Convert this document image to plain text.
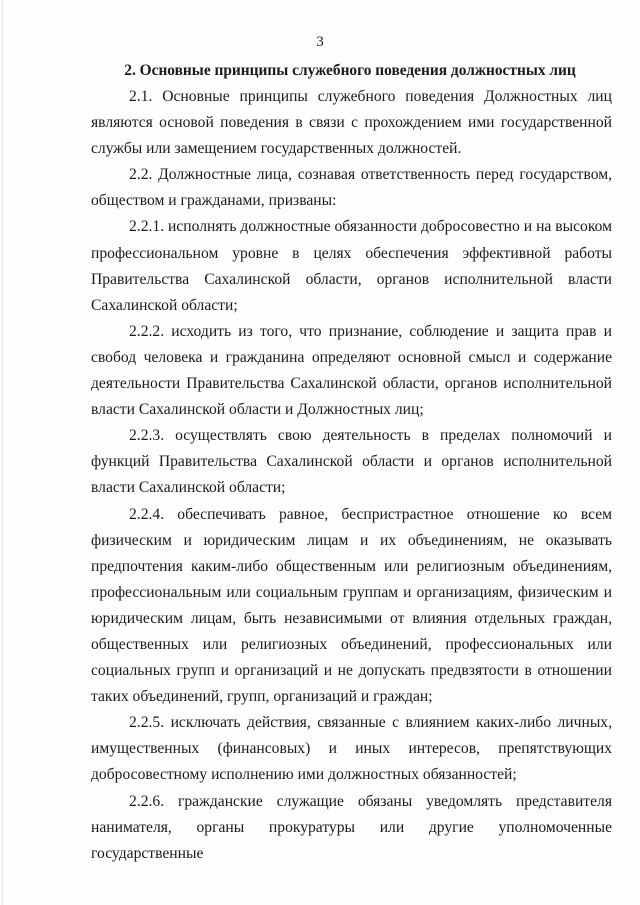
3
2. Основные принципы служебного поведения должностных лиц

2.1. Основные принципы служебного поведения Должностных лиц являются основой поведения в связи с прохождением ими государственной службы или замещением государственных должностей.

2.2. Должностные лица, сознавая ответственность перед государством, обществом и гражданами, призваны:

2.2.1. исполнять должностные обязанности добросовестно и на высоком профессиональном уровне в целях обеспечения эффективной работы Правительства Сахалинской области, органов исполнительной власти Сахалинской области;

2.2.2. исходить из того, что признание, соблюдение и защита прав и свобод человека и гражданина определяют основной смысл и содержание деятельности Правительства Сахалинской области, органов исполнительной власти Сахалинской области и Должностных лиц;

2.2.3. осуществлять свою деятельность в пределах полномочий и функций Правительства Сахалинской области и органов исполнительной власти Сахалинской области;

2.2.4. обеспечивать равное, беспристрастное отношение ко всем физическим и юридическим лицам и их объединениям, не оказывать предпочтения каким-либо общественным или религиозным объединениям, профессиональным или социальным группам и организациям, физическим и юридическим лицам, быть независимыми от влияния отдельных граждан, общественных или религиозных объединений, профессиональных или социальных групп и организаций и не допускать предвзятости в отношении таких объединений, групп, организаций и граждан;

2.2.5. исключать действия, связанные с влиянием каких-либо личных, имущественных (финансовых) и иных интересов, препятствующих добросовестному исполнению ими должностных обязанностей;

2.2.6. гражданские служащие обязаны уведомлять представителя нанимателя, органы прокуратуры или другие уполномоченные государственные
